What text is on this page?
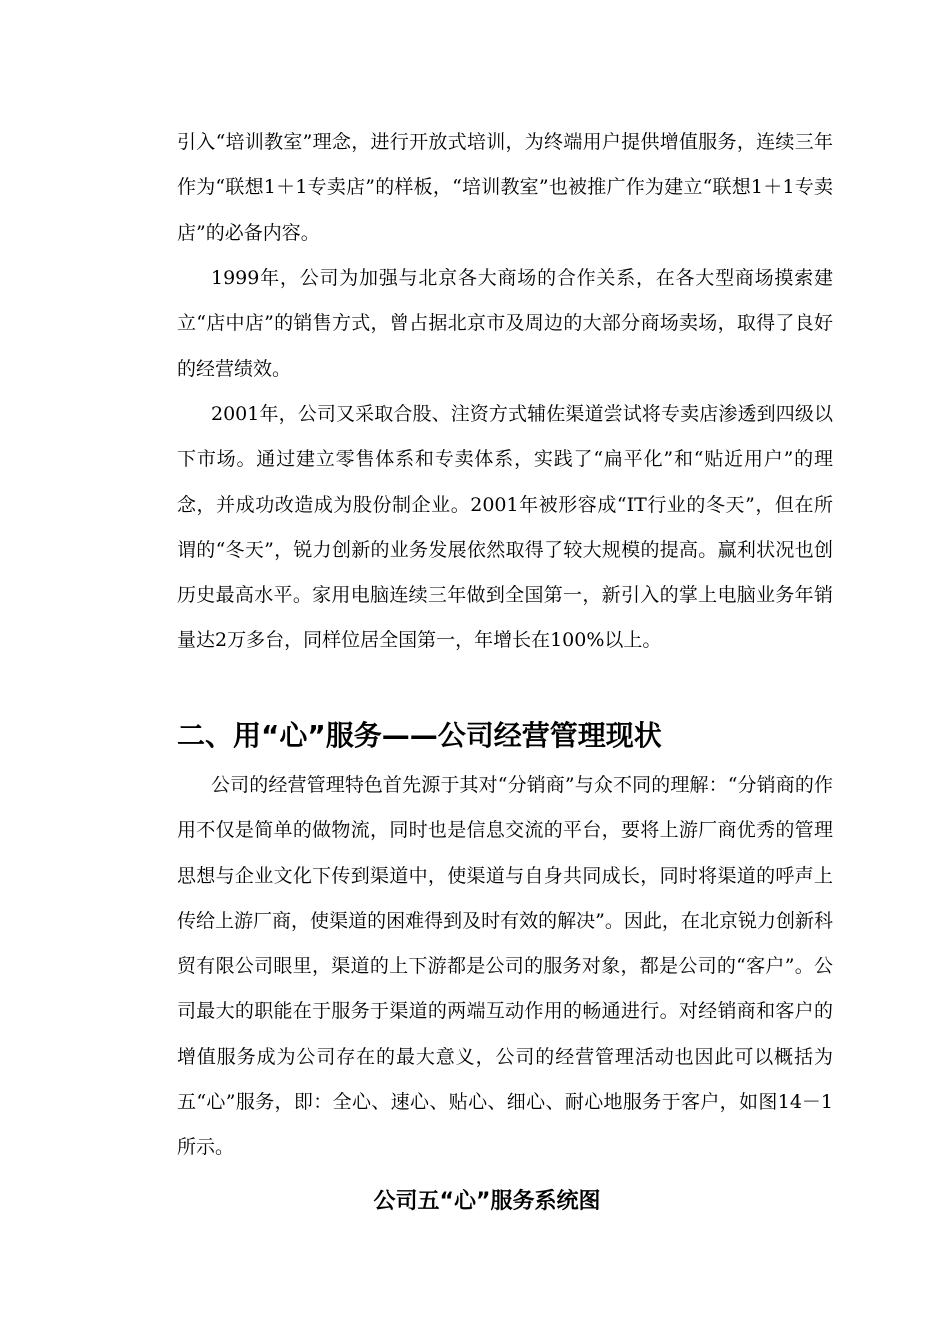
引入“培训教室”理念，进行开放式培训，为终端用户提供增值服务，连续三年作为“联想1＋1专卖店”的样板，“培训教室”也被推广作为建立“联想1＋1专卖店”的必备内容。

1999年，公司为加强与北京各大商场的合作关系，在各大型商场摸索建立“店中店”的销售方式，曾占据北京市及周边的大部分商场卖场，取得了良好的经营绩效。

2001年，公司又采取合股、注资方式辅佐渠道尝试将专卖店渗透到四级以下市场。通过建立零售体系和专卖体系，实践了“扁平化”和“贴近用户”的理念，并成功改造成为股份制企业。2001年被形容成“IT行业的冬天”，但在所谓的“冬天”，锐力创新的业务发展依然取得了较大规模的提高。赢利状况也创历史最高水平。家用电脑连续三年做到全国第一，新引入的掌上电脑业务年销量达2万多台，同样位居全国第一，年增长在100%以上。

二、用“心”服务——公司经营管理现状

公司的经营管理特色首先源于其对“分销商”与众不同的理解：“分销商的作用不仅是简单的做物流，同时也是信息交流的平台，要将上游厂商优秀的管理思想与企业文化下传到渠道中，使渠道与自身共同成长，同时将渠道的呼声上传给上游厂商，使渠道的困难得到及时有效的解决”。因此，在北京锐力创新科贸有限公司眼里，渠道的上下游都是公司的服务对象，都是公司的“客户”。公司最大的职能在于服务于渠道的两端互动作用的畅通进行。对经销商和客户的增值服务成为公司存在的最大意义，公司的经营管理活动也因此可以概括为五“心”服务，即：全心、速心、贴心、细心、耐心地服务于客户，如图14－1所示。

公司五“心”服务系统图
